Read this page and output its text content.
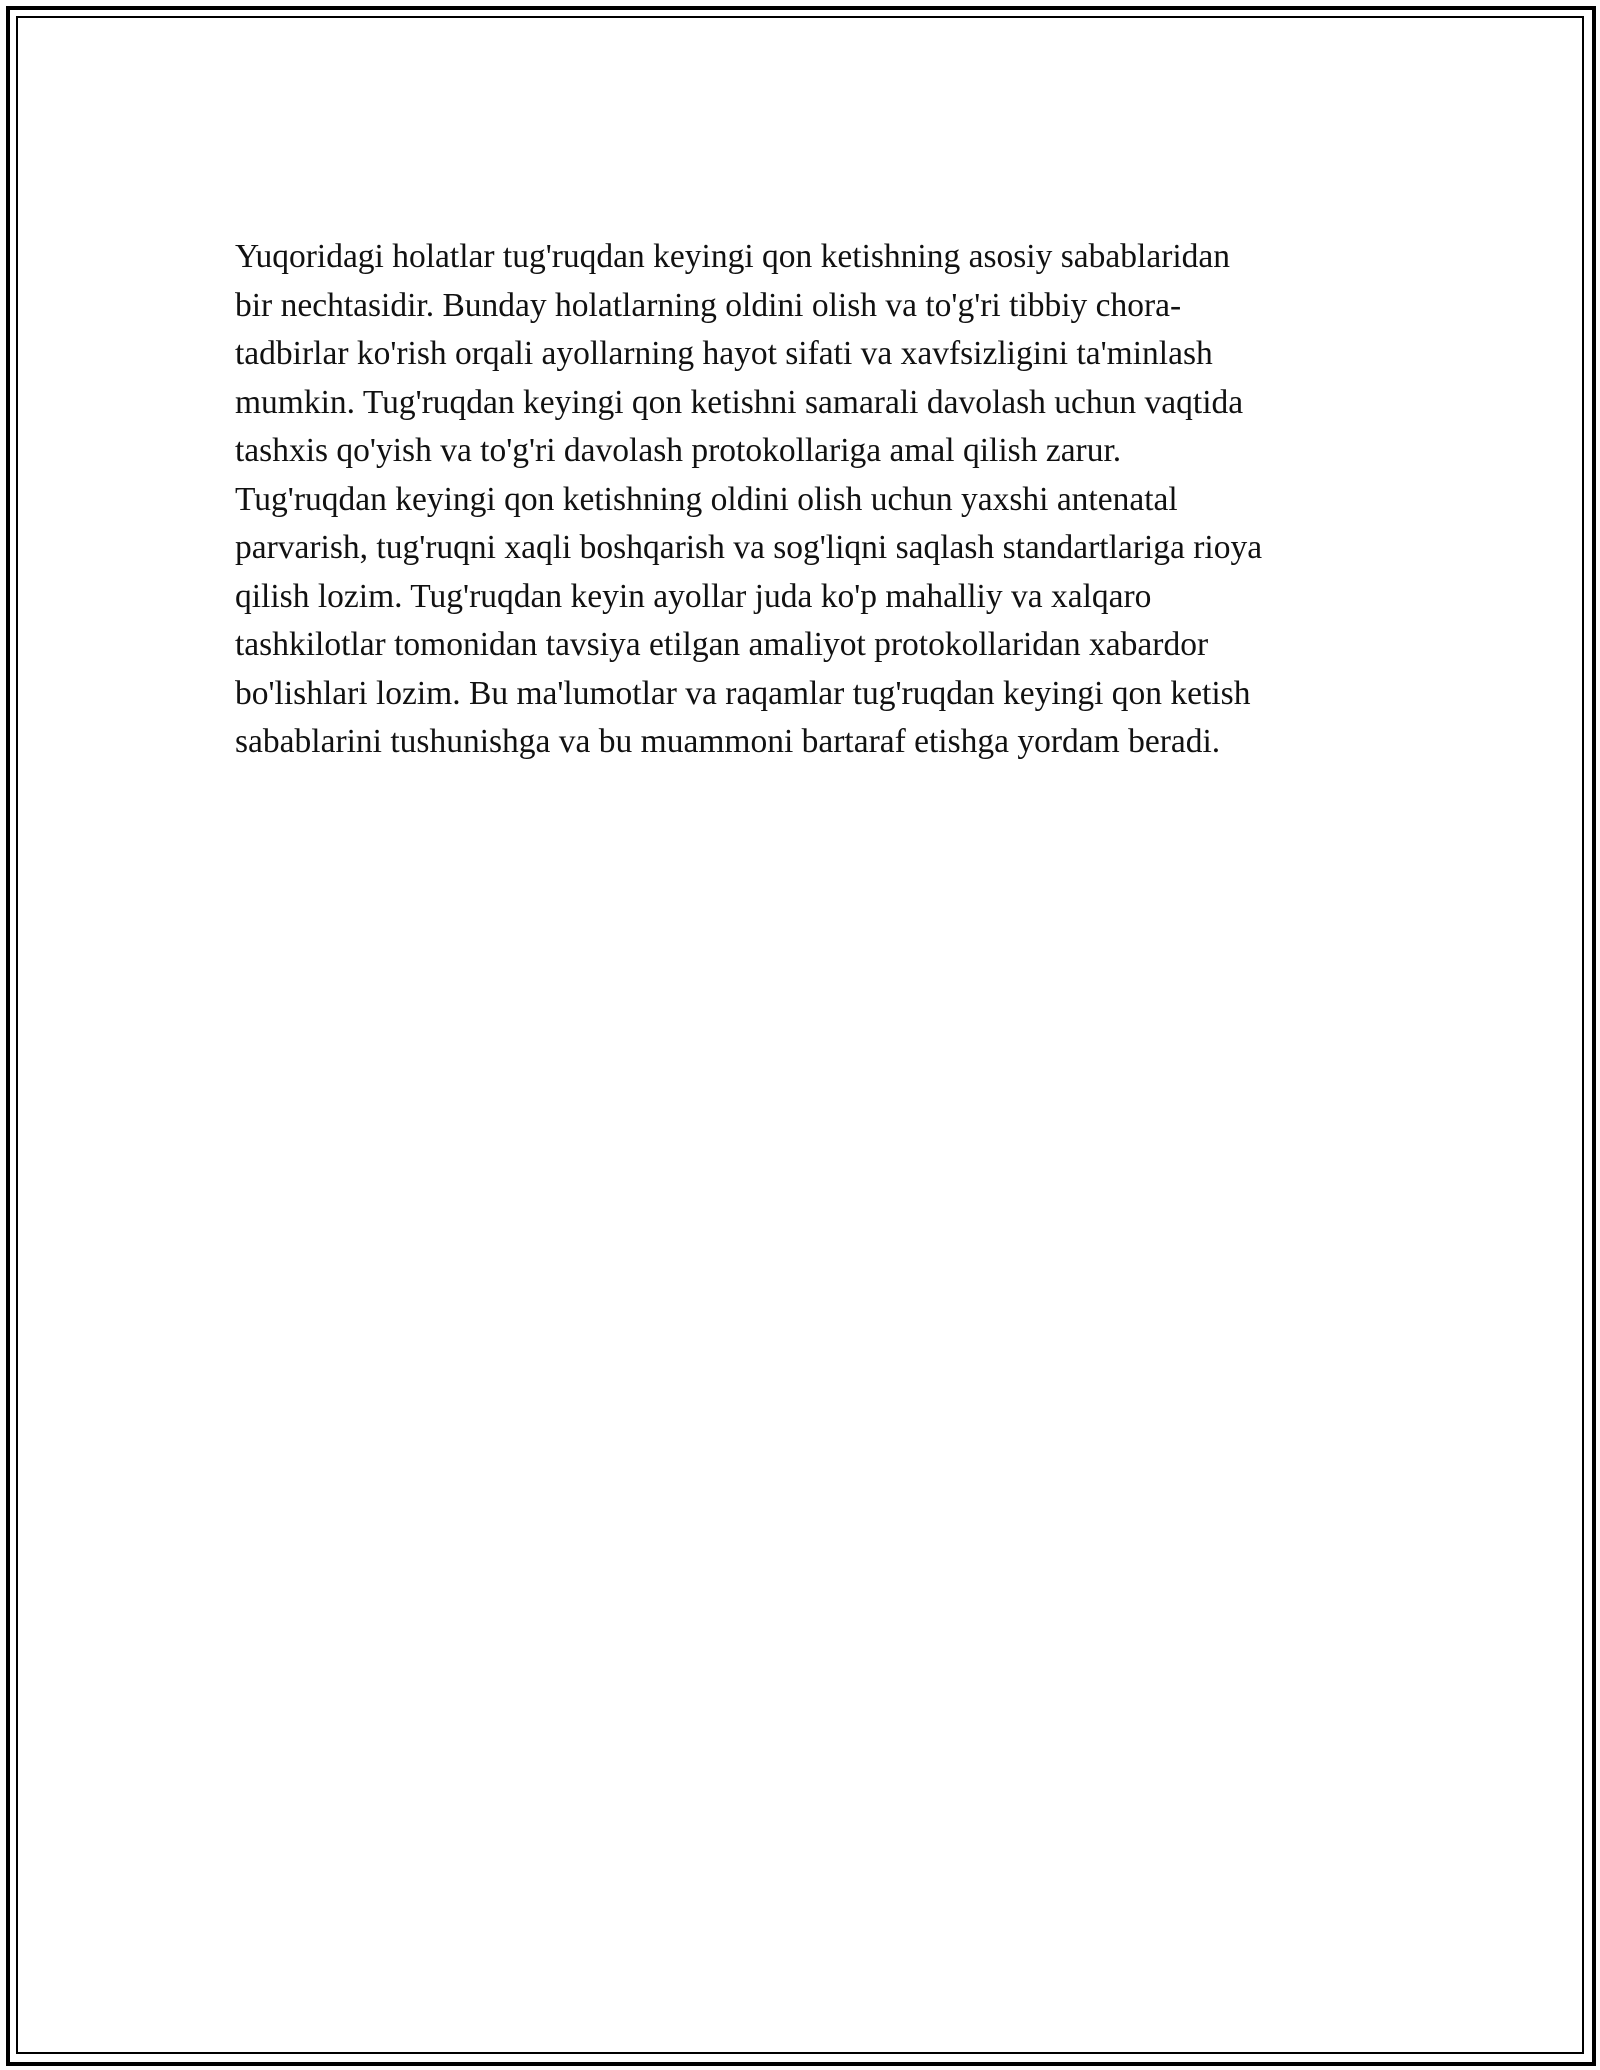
Yuqoridagi holatlar tug'ruqdan keyingi qon ketishning asosiy sabablaridan
bir nechtasidir. Bunday holatlarning oldini olish va to'g'ri tibbiy chora-
tadbirlar ko'rish orqali ayollarning hayot sifati va xavfsizligini ta'minlash
mumkin. Tug'ruqdan keyingi qon ketishni samarali davolash uchun vaqtida
tashxis qo'yish va to'g'ri davolash protokollariga amal qilish zarur.
Tug'ruqdan keyingi qon ketishning oldini olish uchun yaxshi antenatal
parvarish, tug'ruqni xaqli boshqarish va sog'liqni saqlash standartlariga rioya
qilish lozim. Tug'ruqdan keyin ayollar juda ko'p mahalliy va xalqaro
tashkilotlar tomonidan tavsiya etilgan amaliyot protokollaridan xabardor
bo'lishlari lozim. Bu ma'lumotlar va raqamlar tug'ruqdan keyingi qon ketish
sabablarini tushunishga va bu muammoni bartaraf etishga yordam beradi.
